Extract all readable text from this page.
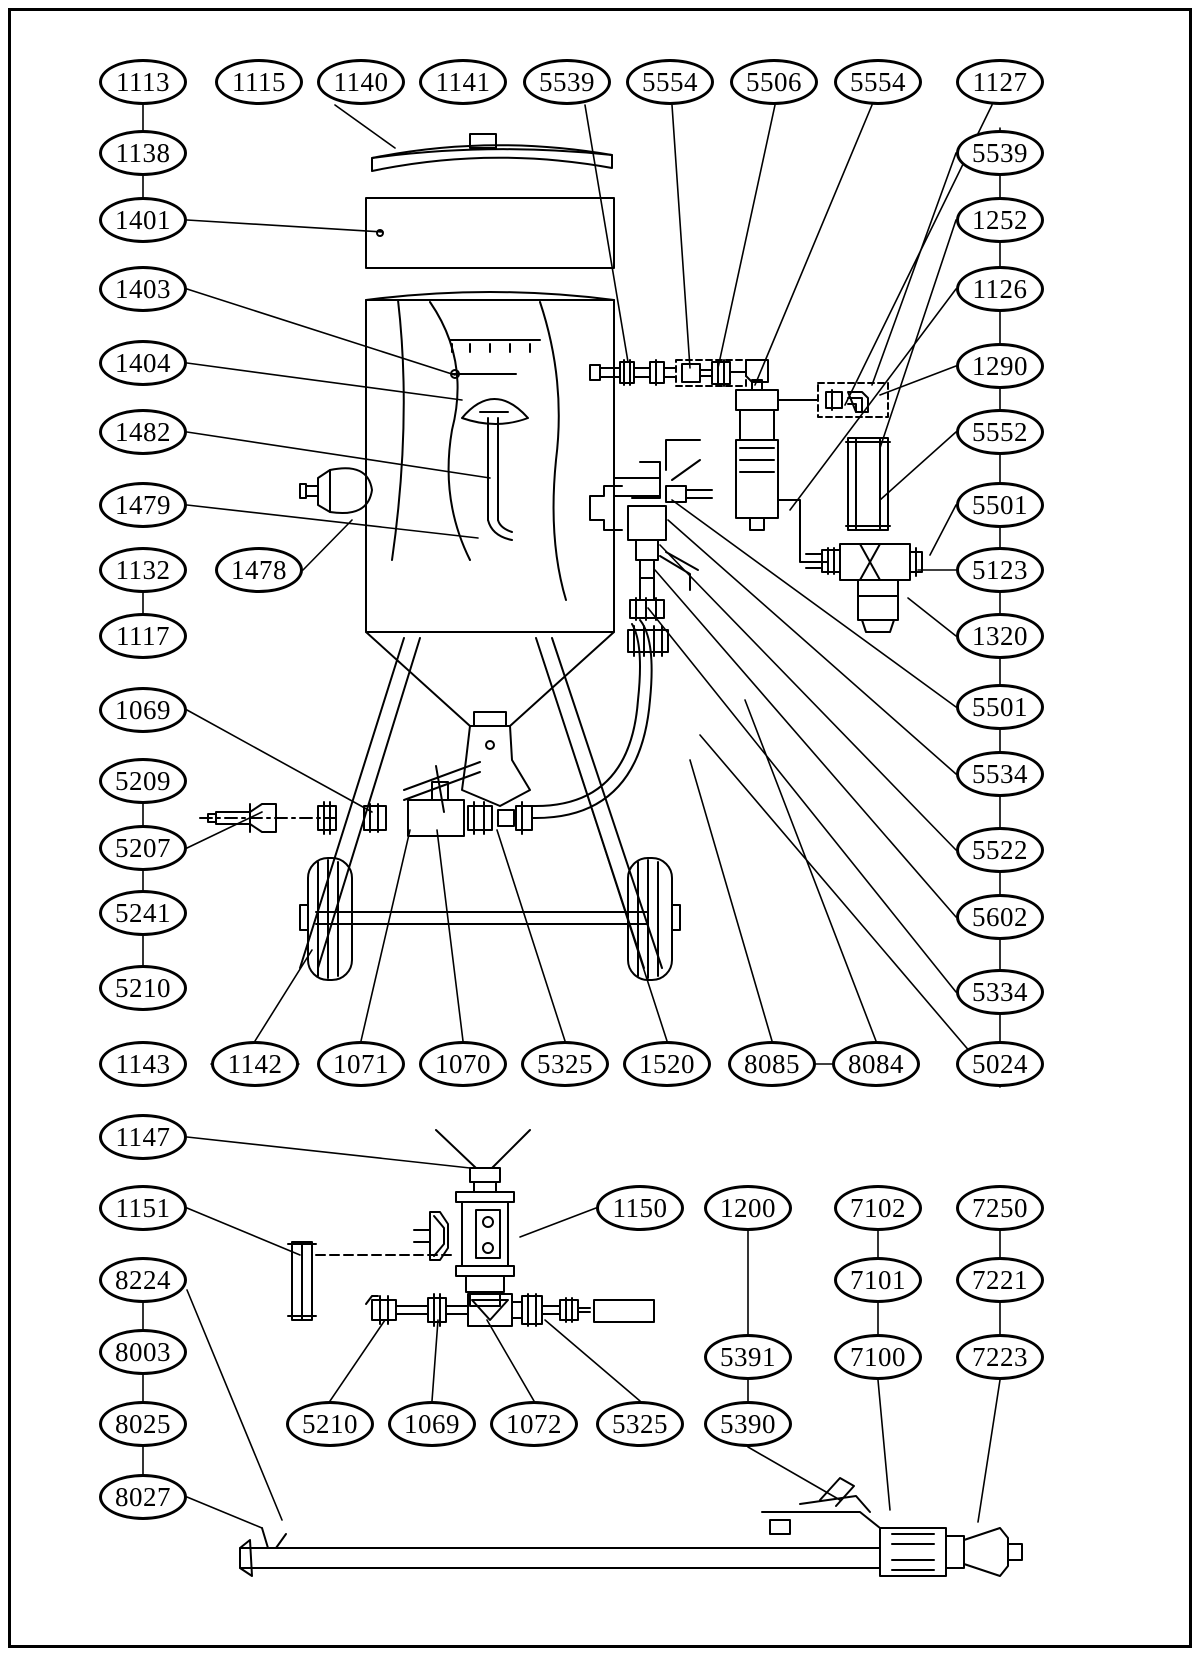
1113	1115	1140	1141	5539	5554	5506	5554	1127
1138	5539
1401	1252
1403	1126
1404	1290
1482	5552
1479	5501
1132	1478	5123
1117	1320
1069	5501
5209	5534
5207	5522
5241	5602
5210	5334
1143	1142	1071	1070	5325	1520	8085	8084	5024
1147
1151	1150	1200	7102	7250
8224	7101	7221
8003	5391	7100	7223
8025	5210	1069	1072	5325	5390
8027
